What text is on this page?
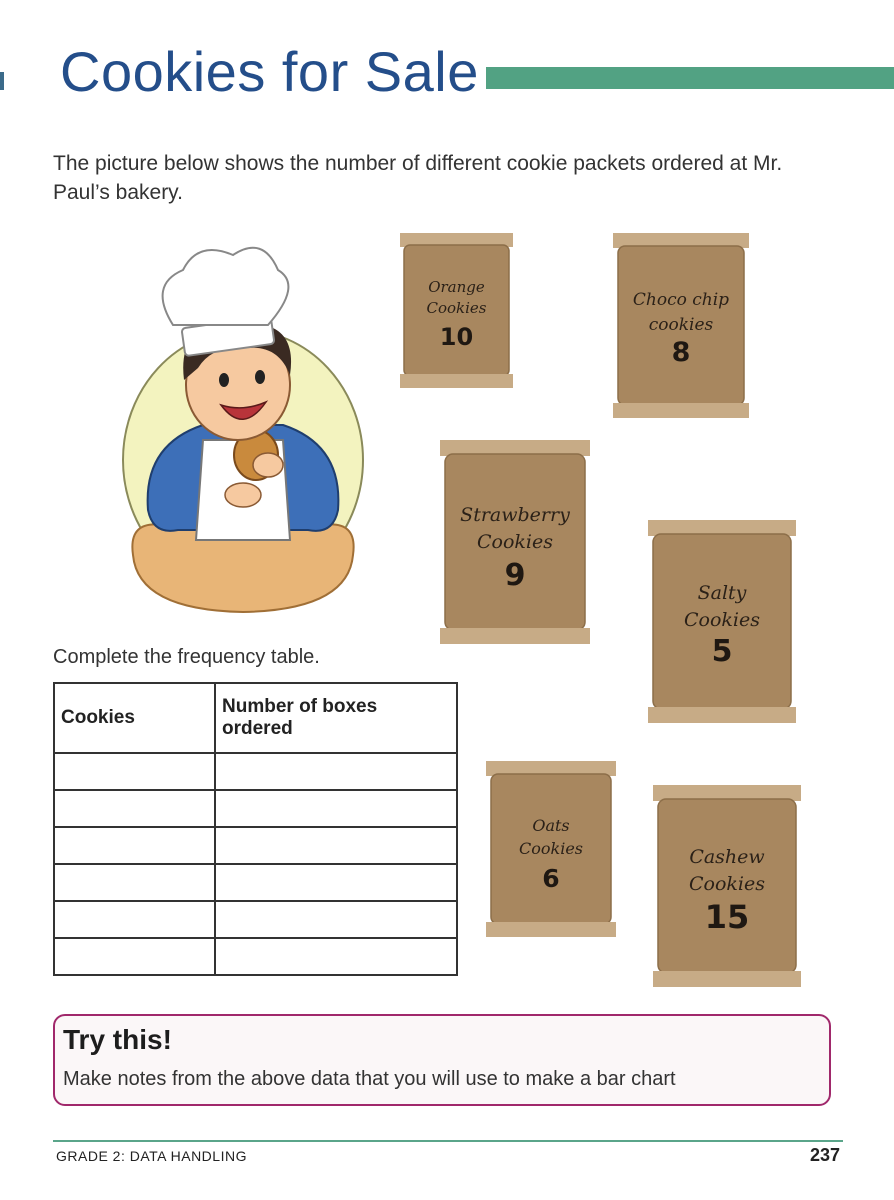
Cookies for Sale
The picture below shows the number of different cookie packets ordered at Mr. Paul’s bakery.
Orange
Cookies
10
Choco chip
cookies
8
Strawberry
Cookies
9	Salty
Cookies
5
Oats
Cookies
6
Cashew
Cookies
15
Complete the frequency table.
Cookies	Number of boxes ordered

Try this!
Make notes from the above data that you will use to make a bar chart
GRADE 2: DATA HANDLING	237
